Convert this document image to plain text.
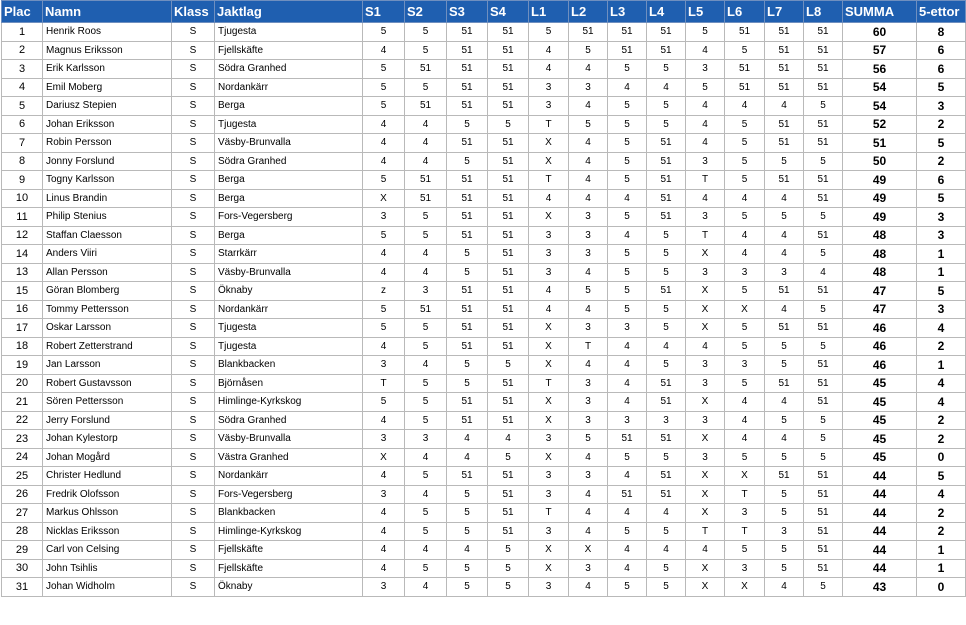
Plac	Namn	Klass	Jaktlag	S1	S2	S3	S4	L1	L2	L3	L4	L5	L6	L7	L8	SUMMA	5-ettor
1	Henrik Roos	S	Tjugesta	5	5	51	51	5	51	51	51	5	51	51	51	60	8
2	Magnus Eriksson	S	Fjellskäfte	4	5	51	51	4	5	51	51	4	5	51	51	57	6
3	Erik Karlsson	S	Södra Granhed	5	51	51	51	4	4	5	5	3	51	51	51	56	6
4	Emil Moberg	S	Nordankärr	5	5	51	51	3	3	4	4	5	51	51	51	54	5
5	Dariusz Stepien	S	Berga	5	51	51	51	3	4	5	5	4	4	4	5	54	3
6	Johan Eriksson	S	Tjugesta	4	4	5	5	T	5	5	5	4	5	51	51	52	2
7	Robin Persson	S	Väsby-Brunvalla	4	4	51	51	X	4	5	51	4	5	51	51	51	5
8	Jonny Forslund	S	Södra Granhed	4	4	5	51	X	4	5	51	3	5	5	5	50	2
9	Togny Karlsson	S	Berga	5	51	51	51	T	4	5	51	T	5	51	51	49	6
10	Linus Brandin	S	Berga	X	51	51	51	4	4	4	51	4	4	4	51	49	5
11	Philip Stenius	S	Fors-Vegersberg	3	5	51	51	X	3	5	51	3	5	5	5	49	3
12	Staffan Claesson	S	Berga	5	5	51	51	3	3	4	5	T	4	4	51	48	3
14	Anders Viiri	S	Starrkärr	4	4	5	51	3	3	5	5	X	4	4	5	48	1
13	Allan Persson	S	Väsby-Brunvalla	4	4	5	51	3	4	5	5	3	3	3	4	48	1
15	Göran Blomberg	S	Öknaby	z	3	51	51	4	5	5	51	X	5	51	51	47	5
16	Tommy Pettersson	S	Nordankärr	5	51	51	51	4	4	5	5	X	X	4	5	47	3
17	Oskar Larsson	S	Tjugesta	5	5	51	51	X	3	3	5	X	5	51	51	46	4
18	Robert Zetterstrand	S	Tjugesta	4	5	51	51	X	T	4	4	4	5	5	5	46	2
19	Jan Larsson	S	Blankbacken	3	4	5	5	X	4	4	5	3	3	5	51	46	1
20	Robert Gustavsson	S	Björnåsen	T	5	5	51	T	3	4	51	3	5	51	51	45	4
21	Sören Pettersson	S	Himlinge-Kyrkskog	5	5	51	51	X	3	4	51	X	4	4	51	45	4
22	Jerry Forslund	S	Södra Granhed	4	5	51	51	X	3	3	3	3	4	5	5	45	2
23	Johan Kylestorp	S	Väsby-Brunvalla	3	3	4	4	3	5	51	51	X	4	4	5	45	2
24	Johan Mogård	S	Västra Granhed	X	4	4	5	X	4	5	5	3	5	5	5	45	0
25	Christer Hedlund	S	Nordankärr	4	5	51	51	3	3	4	51	X	X	51	51	44	5
26	Fredrik Olofsson	S	Fors-Vegersberg	3	4	5	51	3	4	51	51	X	T	5	51	44	4
27	Markus Ohlsson	S	Blankbacken	4	5	5	51	T	4	4	4	X	3	5	51	44	2
28	Nicklas Eriksson	S	Himlinge-Kyrkskog	4	5	5	51	3	4	5	5	T	T	3	51	44	2
29	Carl von Celsing	S	Fjellskäfte	4	4	4	5	X	X	4	4	4	5	5	51	44	1
30	John Tsihlis	S	Fjellskäfte	4	5	5	5	X	3	4	5	X	3	5	51	44	1
31	Johan Widholm	S	Öknaby	3	4	5	5	3	4	5	5	X	X	4	5	43	0
